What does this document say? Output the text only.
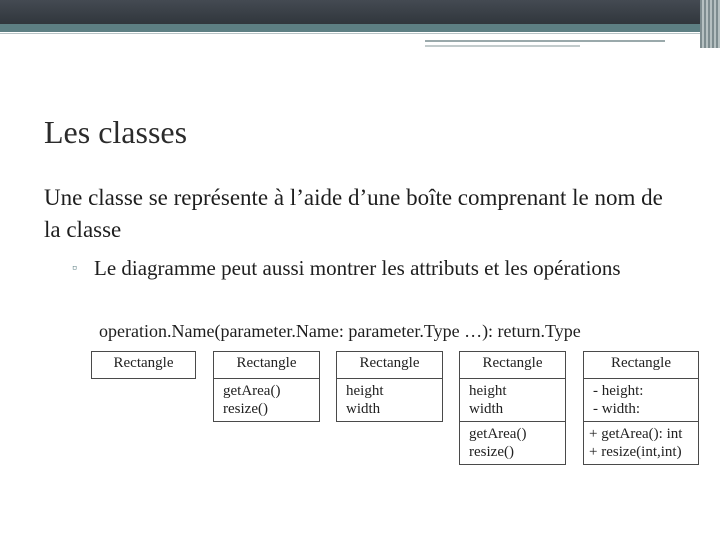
Les classes
Une classe se représente à l’aide d’une boîte comprenant le nom de la classe
▫ Le diagramme peut aussi montrer les attributs et les opérations
operation.Name(parameter.Name: parameter.Type …): return.Type
Rectangle	Rectangle
getArea()
resize()
Rectangle
height
width
Rectangle
height
width
getArea()
resize()
Rectangle
- height:
- width:
+ getArea(): int
+ resize(int,int)
